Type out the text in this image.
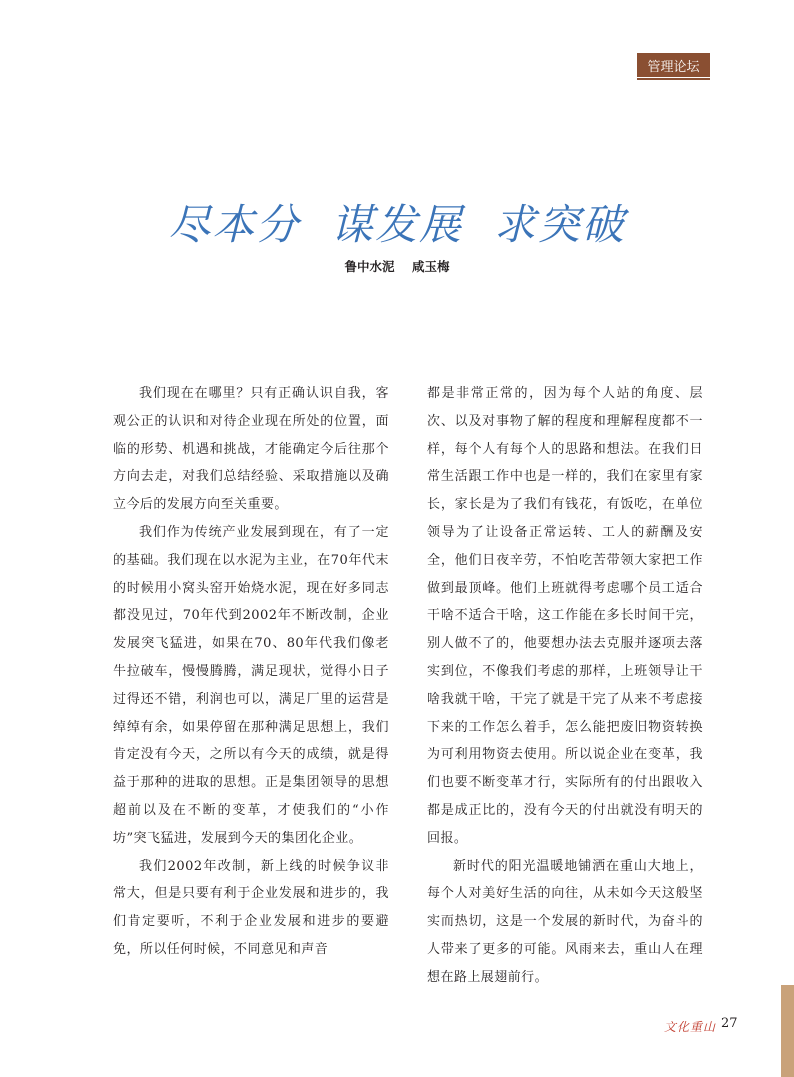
管理论坛
尽本分  谋发展  求突破
鲁中水泥    咸玉梅

我们现在在哪里？只有正确认识自我，客观公正的认识和对待企业现在所处的位置，面临的形势、机遇和挑战，才能确定今后往那个方向去走，对我们总结经验、采取措施以及确立今后的发展方向至关重要。

我们作为传统产业发展到现在，有了一定的基础。我们现在以水泥为主业，在70年代末的时候用小窝头窑开始烧水泥，现在好多同志都没见过，70年代到2002年不断改制，企业发展突飞猛进，如果在70、80年代我们像老牛拉破车，慢慢腾腾，满足现状，觉得小日子过得还不错，利润也可以，满足厂里的运营是绰绰有余，如果停留在那种满足思想上，我们肯定没有今天，之所以有今天的成绩，就是得益于那种的进取的思想。正是集团领导的思想超前以及在不断的变革，才使我们的“小作坊”突飞猛进，发展到今天的集团化企业。

我们2002年改制，新上线的时候争议非常大，但是只要有利于企业发展和进步的，我们肯定要听，不利于企业发展和进步的要避免，所以任何时候，不同意见和声音

都是非常正常的，因为每个人站的角度、层次、以及对事物了解的程度和理解程度都不一样，每个人有每个人的思路和想法。在我们日常生活跟工作中也是一样的，我们在家里有家长，家长是为了我们有钱花，有饭吃，在单位领导为了让设备正常运转、工人的薪酬及安全，他们日夜辛劳，不怕吃苦带领大家把工作做到最顶峰。他们上班就得考虑哪个员工适合干啥不适合干啥，这工作能在多长时间干完，别人做不了的，他要想办法去克服并逐项去落实到位，不像我们考虑的那样，上班领导让干啥我就干啥，干完了就是干完了从来不考虑接下来的工作怎么着手，怎么能把废旧物资转换为可利用物资去使用。所以说企业在变革，我们也要不断变革才行，实际所有的付出跟收入都是成正比的，没有今天的付出就没有明天的回报。

新时代的阳光温暖地铺洒在重山大地上，每个人对美好生活的向往，从未如今天这般坚实而热切，这是一个发展的新时代，为奋斗的人带来了更多的可能。风雨来去，重山人在理想在路上展翅前行。

文化重山 27
